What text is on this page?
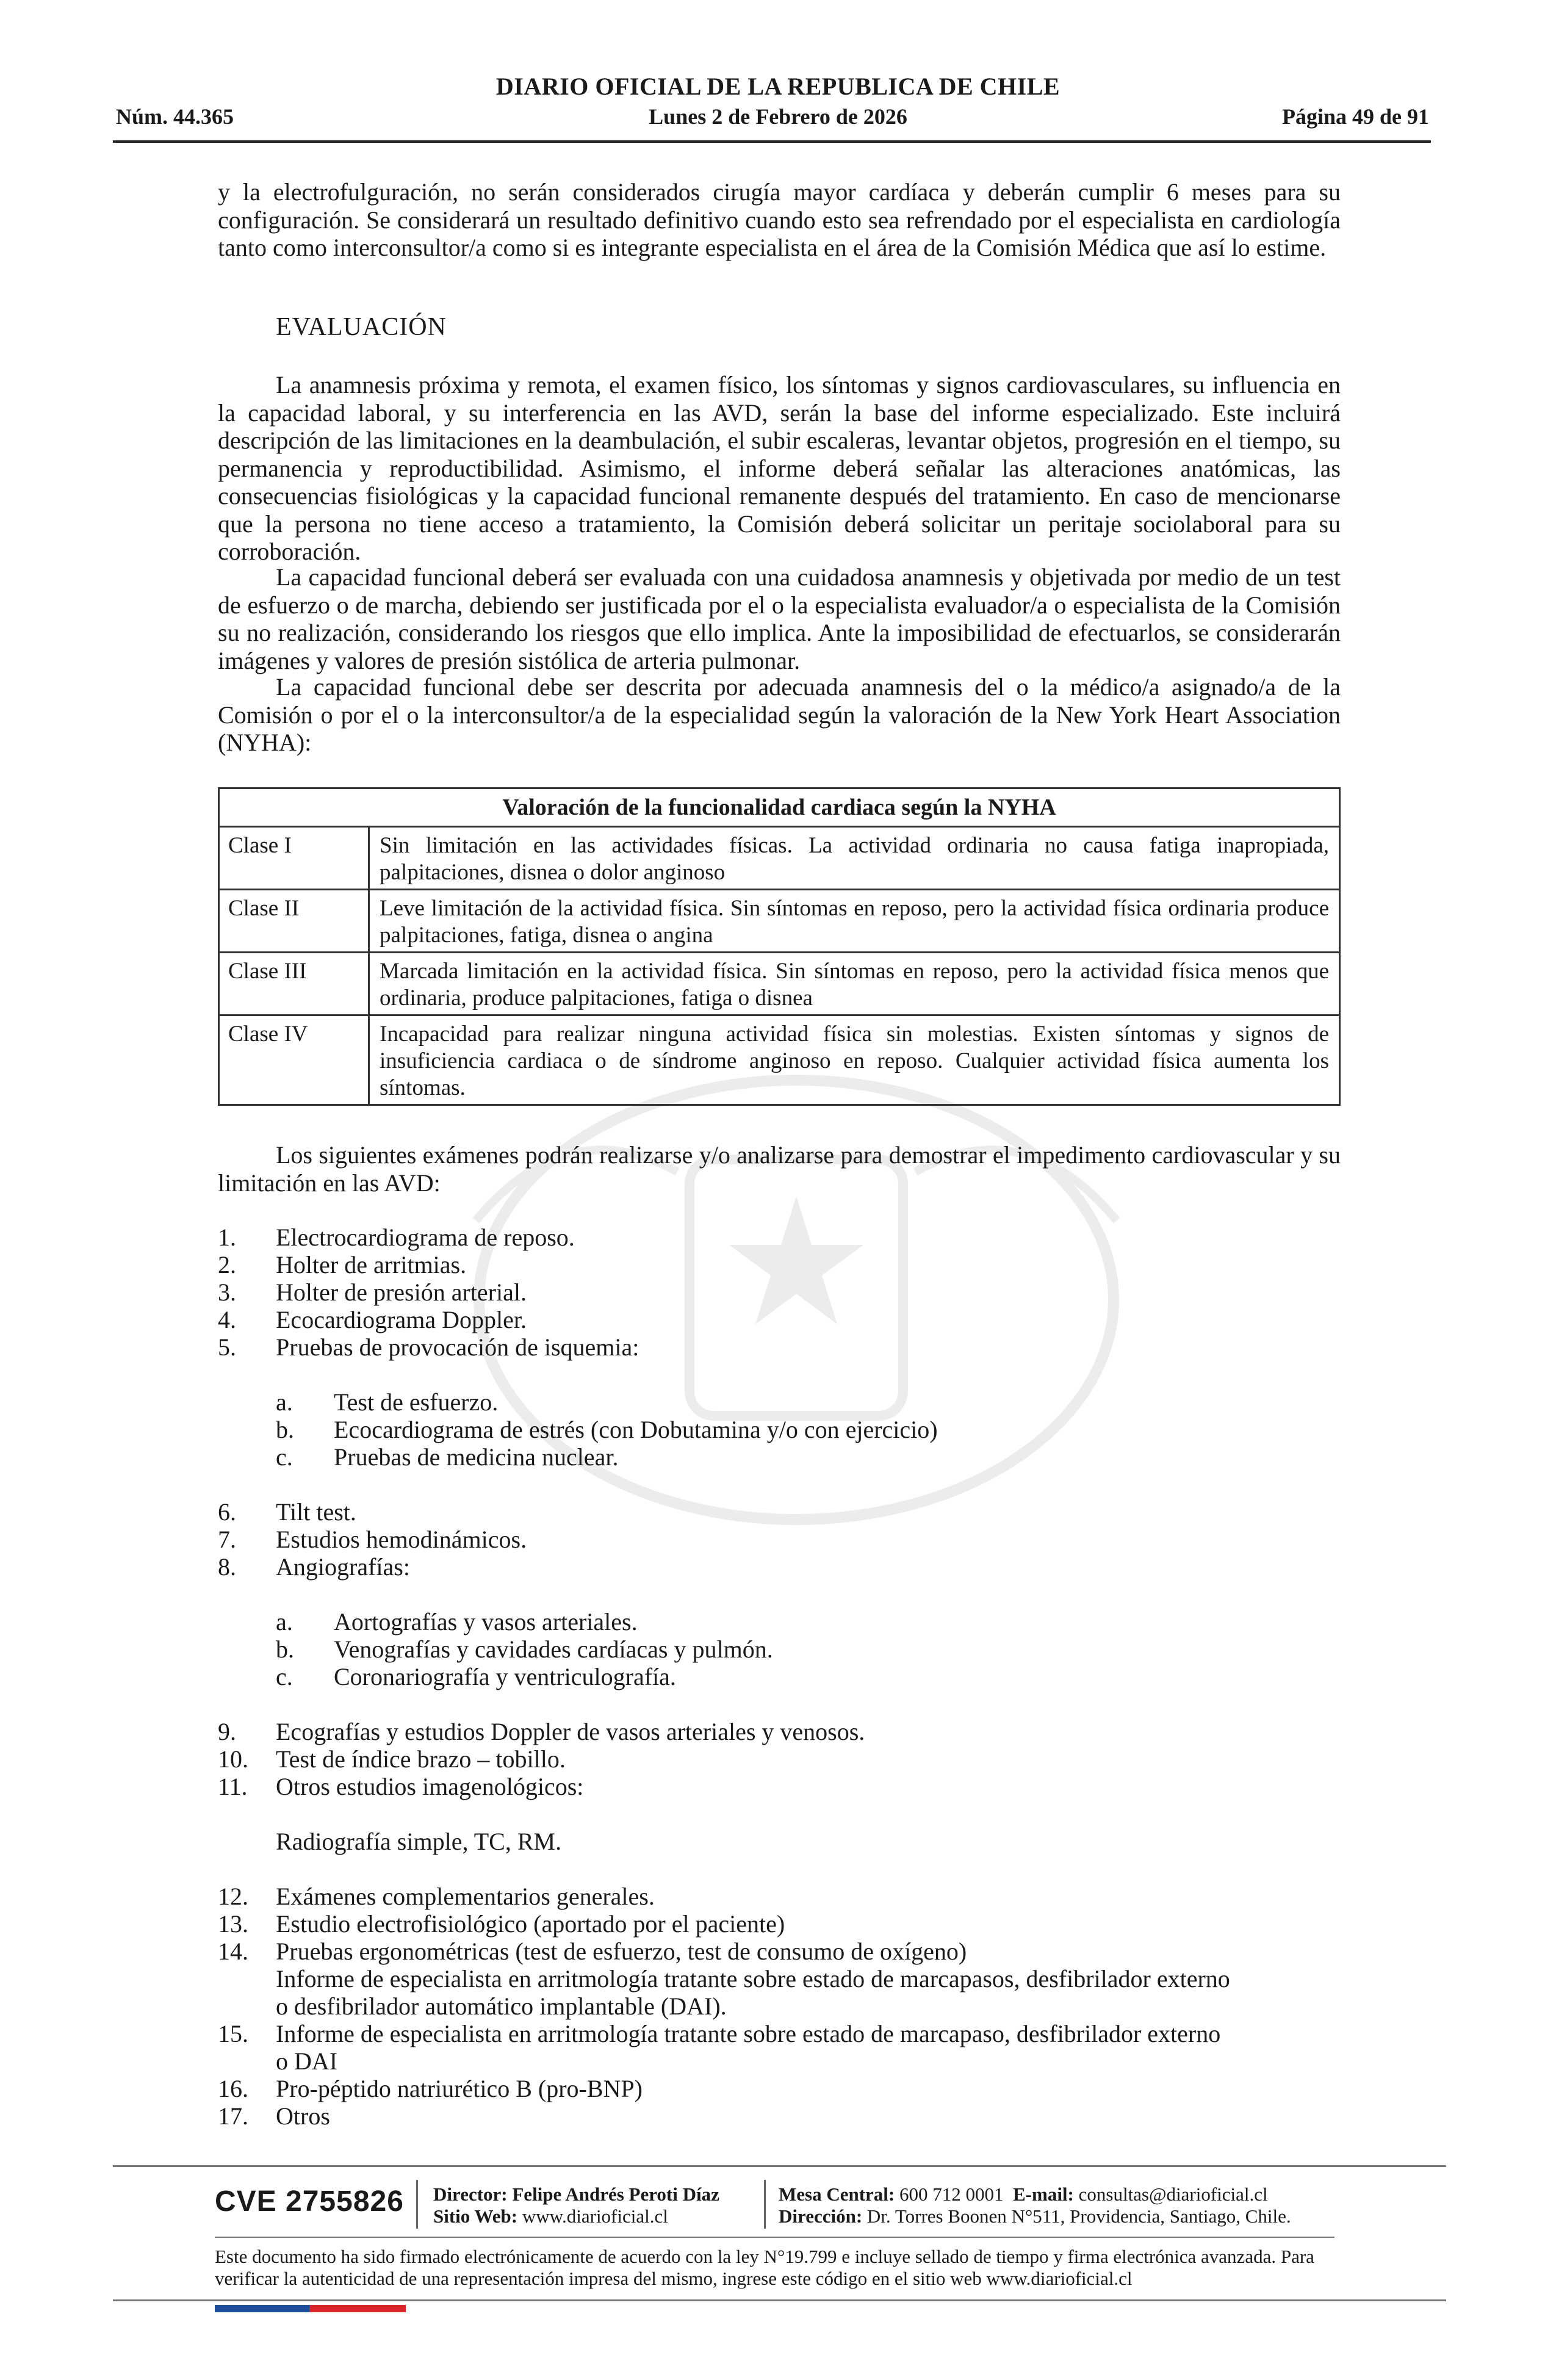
DIARIO OFICIAL DE LA REPUBLICA DE CHILE
Núm. 44.365	Lunes 2 de Febrero de 2026	Página 49 de 91
y la electrofulguración, no serán considerados cirugía mayor cardíaca y deberán cumplir 6 meses para su configuración. Se considerará un resultado definitivo cuando esto sea refrendado por el especialista en cardiología tanto como interconsultor/a como si es integrante especialista en el área de la Comisión Médica que así lo estime.
EVALUACIÓN
La anamnesis próxima y remota, el examen físico, los síntomas y signos cardiovasculares, su influencia en la capacidad laboral, y su interferencia en las AVD, serán la base del informe especializado. Este incluirá descripción de las limitaciones en la deambulación, el subir escaleras, levantar objetos, progresión en el tiempo, su permanencia y reproductibilidad. Asimismo, el informe deberá señalar las alteraciones anatómicas, las consecuencias fisiológicas y la capacidad funcional remanente después del tratamiento. En caso de mencionarse que la persona no tiene acceso a tratamiento, la Comisión deberá solicitar un peritaje sociolaboral para su corroboración.
La capacidad funcional deberá ser evaluada con una cuidadosa anamnesis y objetivada por medio de un test de esfuerzo o de marcha, debiendo ser justificada por el o la especialista evaluador/a o especialista de la Comisión su no realización, considerando los riesgos que ello implica. Ante la imposibilidad de efectuarlos, se considerarán imágenes y valores de presión sistólica de arteria pulmonar.
La capacidad funcional debe ser descrita por adecuada anamnesis del o la médico/a asignado/a de la Comisión o por el o la interconsultor/a de la especialidad según la valoración de la New York Heart Association (NYHA):
Valoración de la funcionalidad cardiaca según la NYHA	
Clase I	Sin limitación en las actividades físicas. La actividad ordinaria no causa fatiga inapropiada, palpitaciones, disnea o dolor anginoso
Clase II	Leve limitación de la actividad física. Sin síntomas en reposo, pero la actividad física ordinaria produce palpitaciones, fatiga, disnea o angina
Clase III	Marcada limitación en la actividad física. Sin síntomas en reposo, pero la actividad física menos que ordinaria, produce palpitaciones, fatiga o disnea
Clase IV	Incapacidad para realizar ninguna actividad física sin molestias. Existen síntomas y signos de insuficiencia cardiaca o de síndrome anginoso en reposo. Cualquier actividad física aumenta los síntomas.
Los siguientes exámenes podrán realizarse y/o analizarse para demostrar el impedimento cardiovascular y su limitación en las AVD:
1. Electrocardiograma de reposo.
2. Holter de arritmias.
3. Holter de presión arterial.
4. Ecocardiograma Doppler.
5. Pruebas de provocación de isquemia:
a. Test de esfuerzo.
b. Ecocardiograma de estrés (con Dobutamina y/o con ejercicio)
c. Pruebas de medicina nuclear.
6. Tilt test.
7. Estudios hemodinámicos.
8. Angiografías:
a. Aortografías y vasos arteriales.
b. Venografías y cavidades cardíacas y pulmón.
c. Coronariografía y ventriculografía.
9. Ecografías y estudios Doppler de vasos arteriales y venosos.
10. Test de índice brazo – tobillo.
11. Otros estudios imagenológicos:
Radiografía simple, TC, RM.
12. Exámenes complementarios generales.
13. Estudio electrofisiológico (aportado por el paciente)
14. Pruebas ergonométricas (test de esfuerzo, test de consumo de oxígeno)
Informe de especialista en arritmología tratante sobre estado de marcapasos, desfibrilador externo
o desfibrilador automático implantable (DAI).
15. Informe de especialista en arritmología tratante sobre estado de marcapaso, desfibrilador externo
o DAI
16. Pro-péptido natriurético B (pro-BNP)
17. Otros
CVE 2755826 Director: Felipe Andrés Peroti Díaz
Sitio Web: www.diarioficial.cl
Mesa Central: 600 712 0001 E-mail: consultas@diarioficial.cl
Dirección: Dr. Torres Boonen N°511, Providencia, Santiago, Chile.
Este documento ha sido firmado electrónicamente de acuerdo con la ley N°19.799 e incluye sellado de tiempo y firma electrónica avanzada. Para verificar la autenticidad de una representación impresa del mismo, ingrese este código en el sitio web www.diarioficial.cl
